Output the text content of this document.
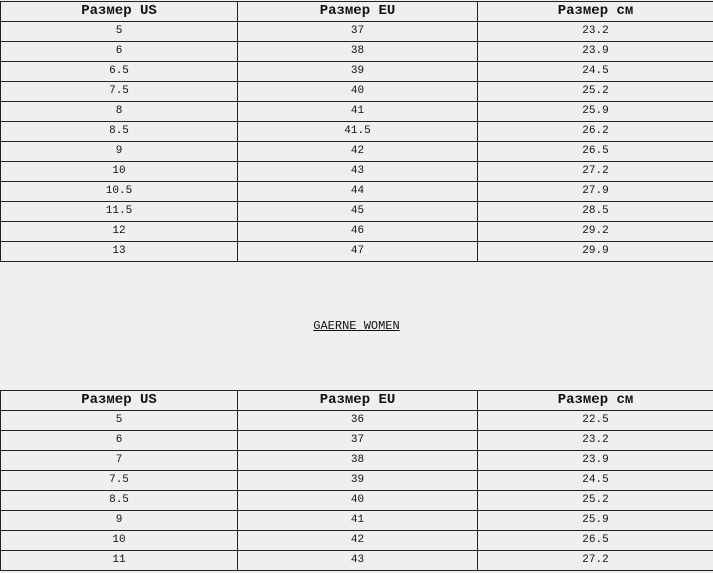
Размер US	Размер EU	Размер см
5	37	23.2
6	38	23.9
6.5	39	24.5
7.5	40	25.2
8	41	25.9
8.5	41.5	26.2
9	42	26.5
10	43	27.2
10.5	44	27.9
11.5	45	28.5
12	46	29.2
13	47	29.9
GAERNE WOMEN
Размер US	Размер EU	Размер см
5	36	22.5
6	37	23.2
7	38	23.9
7.5	39	24.5
8.5	40	25.2
9	41	25.9
10	42	26.5
11	43	27.2
